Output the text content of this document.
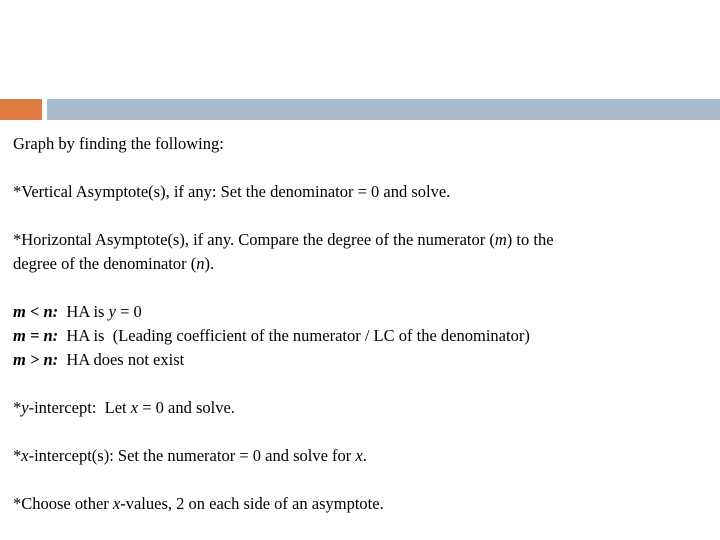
Graph by finding the following:
*Vertical Asymptote(s), if any: Set the denominator = 0 and solve.
*Horizontal Asymptote(s), if any. Compare the degree of the numerator (m) to the
degree of the denominator (n).
m < n:  HA is y = 0
m = n:  HA is  (Leading coefficient of the numerator / LC of the denominator)
m > n:  HA does not exist
*y-intercept:  Let x = 0 and solve.
*x-intercept(s): Set the numerator = 0 and solve for x.
*Choose other x-values, 2 on each side of an asymptote.
